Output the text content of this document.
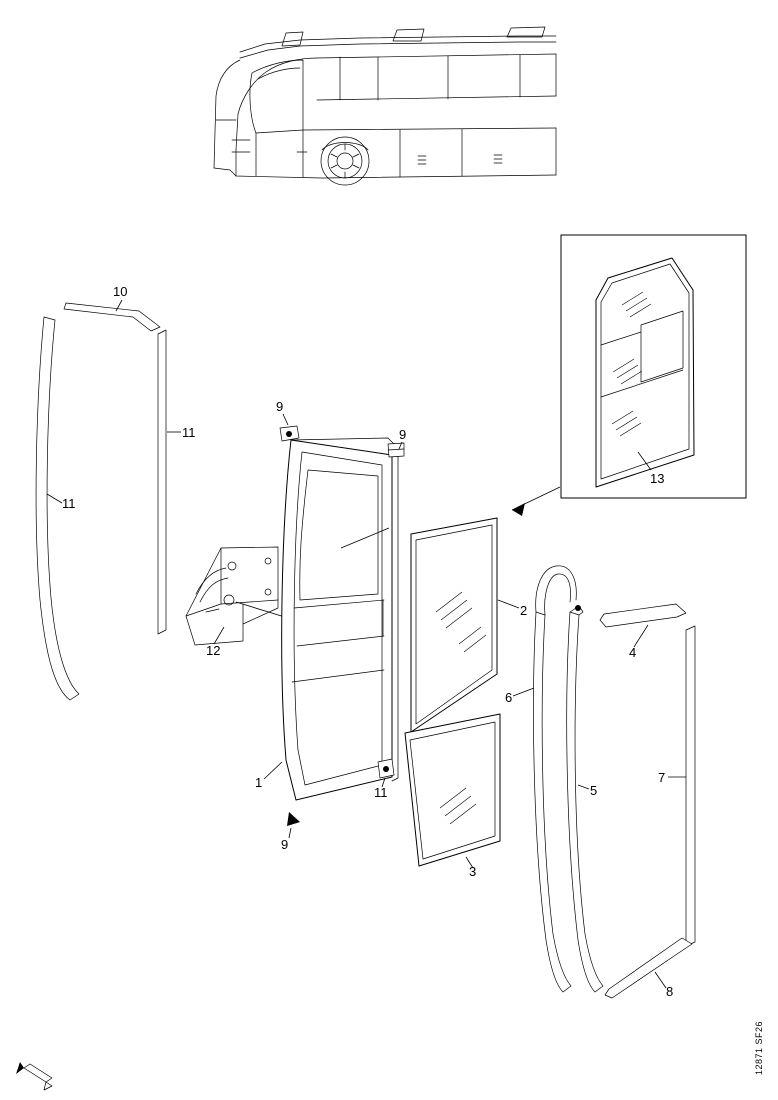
13
10
11
11
12
1
9
9
9
11
2
3
6
5
4
7
8
12871 SF26
